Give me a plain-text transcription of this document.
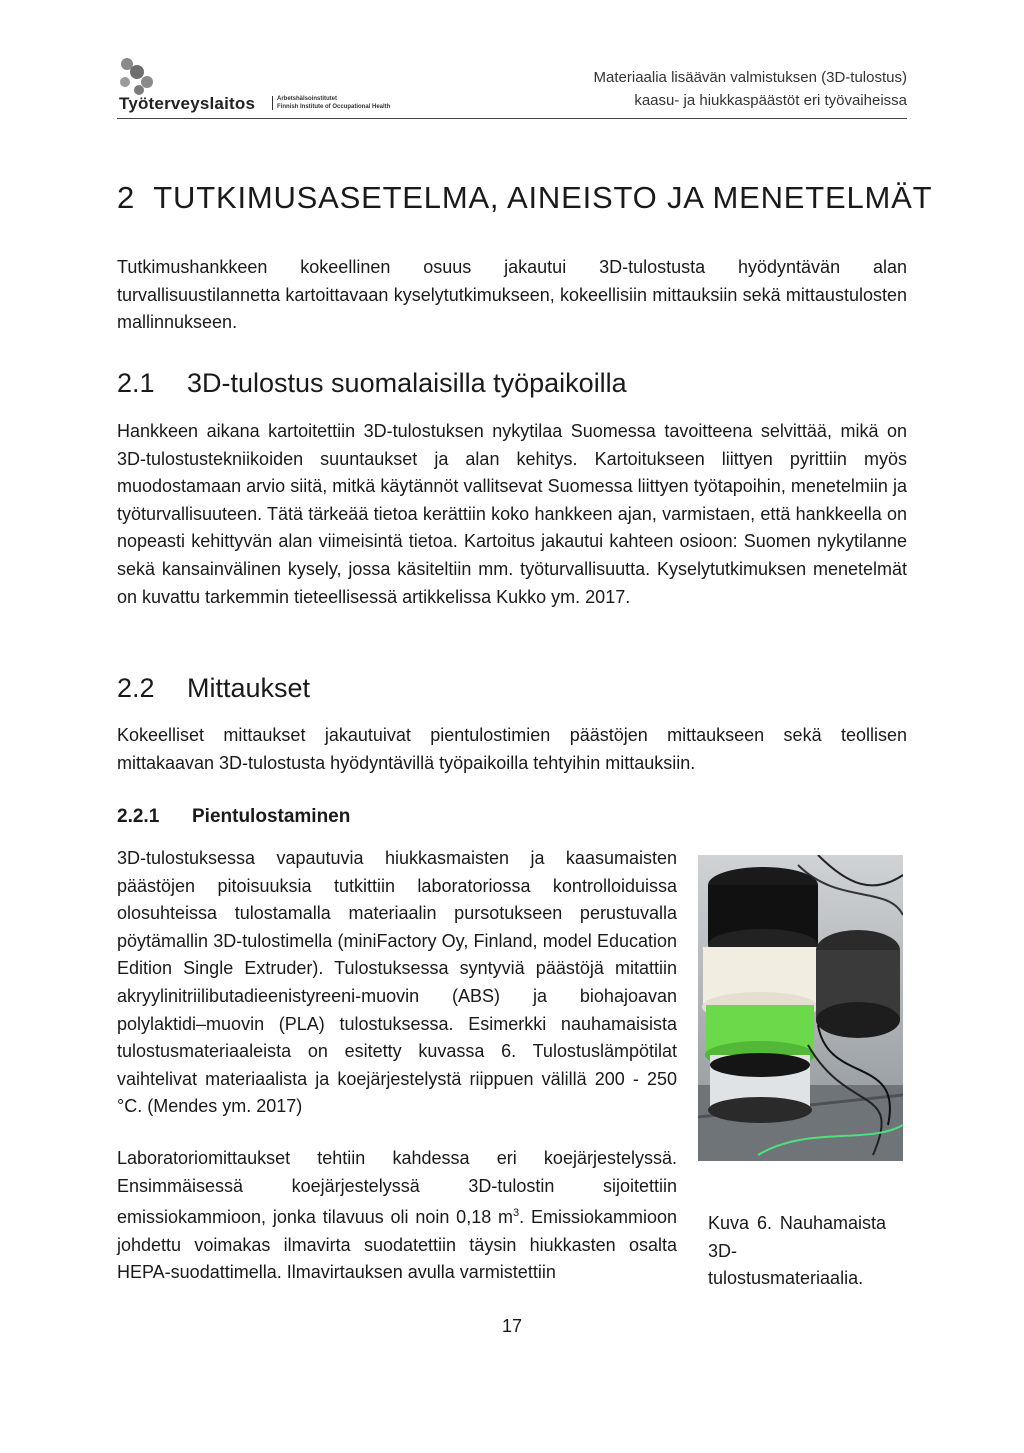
Työterveyslaitos	Arbetshälsoinstitutet
Finnish Institute of Occupational Health
Materiaalia lisäävän valmistuksen (3D-tulostus)
kaasu- ja hiukkaspäästöt eri työvaiheissa
2  TUTKIMUSASETELMA, AINEISTO JA MENETELMÄT

Tutkimushankkeen kokeellinen osuus jakautui 3D-tulostusta hyödyntävän alan turvallisuustilannetta kartoittavaan kyselytutkimukseen, kokeellisiin mittauksiin sekä mittaustulosten mallinnukseen.

2.1 3D-tulostus suomalaisilla työpaikoilla

Hankkeen aikana kartoitettiin 3D-tulostuksen nykytilaa Suomessa tavoitteena selvittää, mikä on 3D-tulostustekniikoiden suuntaukset ja alan kehitys. Kartoitukseen liittyen pyrittiin myös muodostamaan arvio siitä, mitkä käytännöt vallitsevat Suomessa liittyen työtapoihin, menetelmiin ja työturvallisuuteen. Tätä tärkeää tietoa kerättiin koko hankkeen ajan, varmistaen, että hankkeella on nopeasti kehittyvän alan viimeisintä tietoa. Kartoitus jakautui kahteen osioon: Suomen nykytilanne sekä kansainvälinen kysely, jossa käsiteltiin mm. työturvallisuutta. Kyselytutkimuksen menetelmät on kuvattu tarkemmin tieteellisessä artikkelissa Kukko ym. 2017.

2.2 Mittaukset

Kokeelliset mittaukset jakautuivat pientulostimien päästöjen mittaukseen sekä teollisen mittakaavan 3D-tulostusta hyödyntävillä työpaikoilla tehtyihin mittauksiin.

2.2.1 Pientulostaminen

3D-tulostuksessa vapautuvia hiukkasmaisten ja kaasumaisten päästöjen pitoisuuksia tutkittiin laboratoriossa kontrolloiduissa olosuhteissa tulostamalla materiaalin pursotukseen perustuvalla pöytämallin 3D-tulostimella (miniFactory Oy, Finland, model Education Edition Single Extruder). Tulostuksessa syntyviä päästöjä mitattiin akryylinitriilibutadieenistyreeni-muovin (ABS) ja biohajoavan polylaktidi–muovin (PLA) tulostuksessa. Esimerkki nauhamaisista tulostusmateriaaleista on esitetty kuvassa 6. Tulostuslämpötilat vaihtelivat materiaalista ja koejärjestelystä riippuen välillä 200 - 250 °C. (Mendes ym. 2017)

Laboratoriomittaukset tehtiin kahdessa eri koejärjestelyssä. Ensimmäisessä koejärjestelyssä 3D-tulostin sijoitettiin emissiokammioon, jonka tilavuus oli noin 0,18 $m^3$. Emissiokammioon johdettu voimakas ilmavirta suodatettiin täysin hiukkasten osalta HEPA-suodattimella. Ilmavirtauksen avulla varmistettiin

Kuva 6. Nauhamaista 3D-tulostusmateriaalia.

17
